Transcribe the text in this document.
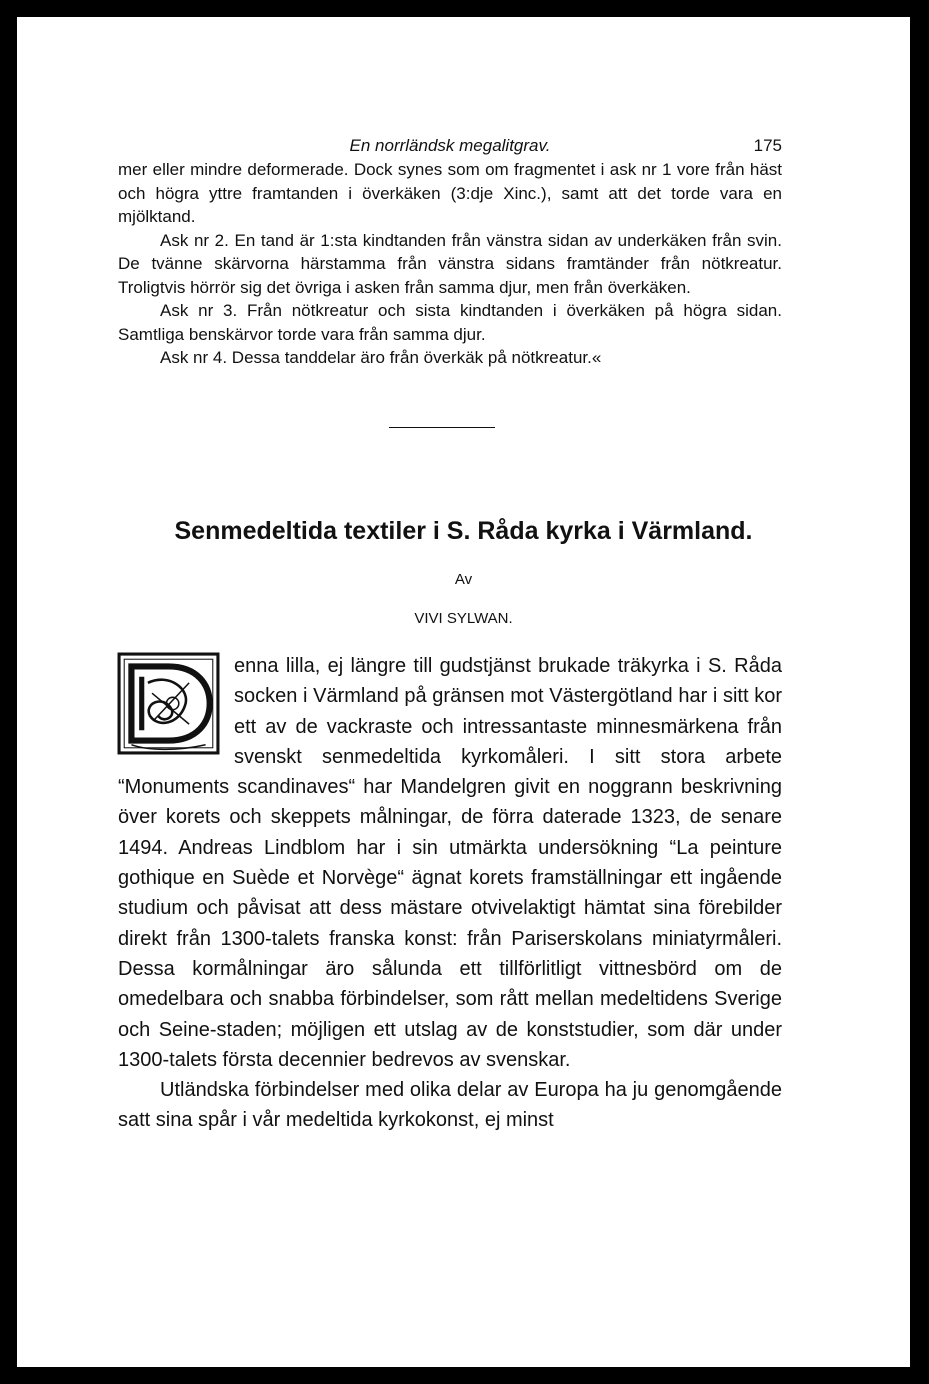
En norrländsk megalitgrav.	175

mer eller mindre deformerade. Dock synes som om fragmentet i ask nr 1 vore från häst och högra yttre framtanden i överkäken (3:dje Xinc.), samt att det torde vara en mjölktand.

Ask nr 2. En tand är 1:sta kindtanden från vänstra sidan av underkäken från svin. De tvänne skärvorna härstamma från vänstra sidans framtänder från nötkreatur. Troligtvis hörrör sig det övriga i asken från samma djur, men från överkäken.

Ask nr 3. Från nötkreatur och sista kindtanden i överkäken på högra sidan. Samtliga benskärvor torde vara från samma djur.

Ask nr 4. Dessa tanddelar äro från överkäk på nötkreatur.«

Senmedeltida textiler i S. Råda kyrka i Värmland.
Av
VIVI SYLWAN.

enna lilla, ej längre till gudstjänst brukade träkyrka i S. Råda socken i Värmland på gränsen mot Västergötland har i sitt kor ett av de vackraste och intressantaste minnesmärkena från svenskt senmedeltida kyrkomåleri. I sitt stora arbete “Monuments scandinaves“ har Mandelgren givit en noggrann beskrivning över korets och skeppets målningar, de förra daterade 1323, de senare 1494. Andreas Lindblom har i sin utmärkta undersökning “La peinture gothique en Suède et Norvège“ ägnat korets framställningar ett ingående studium och påvisat att dess mästare otvivelaktigt hämtat sina förebilder direkt från 1300-talets franska konst: från Pariserskolans miniatyrmåleri. Dessa kormålningar äro sålunda ett tillförlitligt vittnesbörd om de omedelbara och snabba förbindelser, som rått mellan medeltidens Sverige och Seine-staden; möjligen ett utslag av de konststudier, som där under 1300-talets första decennier bedrevos av svenskar.

Utländska förbindelser med olika delar av Europa ha ju genomgående satt sina spår i vår medeltida kyrkokonst, ej minst
